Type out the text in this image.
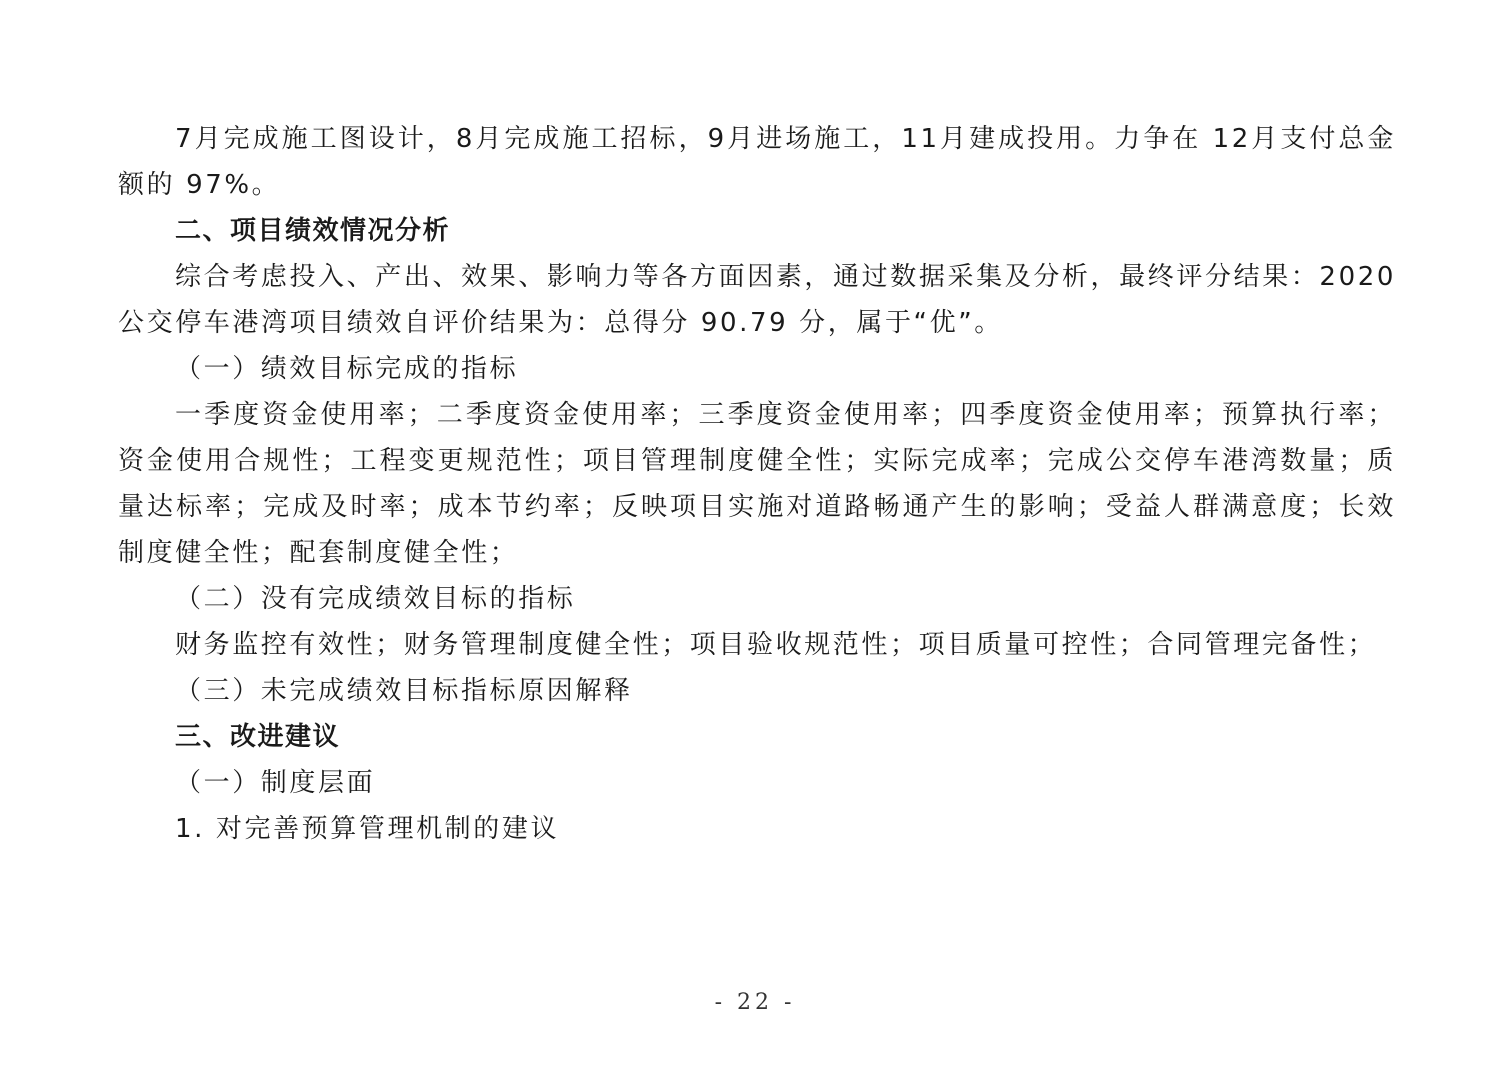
7月完成施工图设计，8月完成施工招标，9月进场施工，11月建成投用。力争在 12月支付总金额的 97%。

二、项目绩效情况分析

综合考虑投入、产出、效果、影响力等各方面因素，通过数据采集及分析，最终评分结果：2020公交停车港湾项目绩效自评价结果为：总得分 90.79 分，属于“优”。

（一）绩效目标完成的指标

一季度资金使用率；二季度资金使用率；三季度资金使用率；四季度资金使用率；预算执行率；资金使用合规性；工程变更规范性；项目管理制度健全性；实际完成率；完成公交停车港湾数量；质量达标率；完成及时率；成本节约率；反映项目实施对道路畅通产生的影响；受益人群满意度；长效制度健全性；配套制度健全性；

（二）没有完成绩效目标的指标

财务监控有效性；财务管理制度健全性；项目验收规范性；项目质量可控性；合同管理完备性；

（三）未完成绩效目标指标原因解释

三、改进建议

（一）制度层面

1. 对完善预算管理机制的建议

- 22 -
